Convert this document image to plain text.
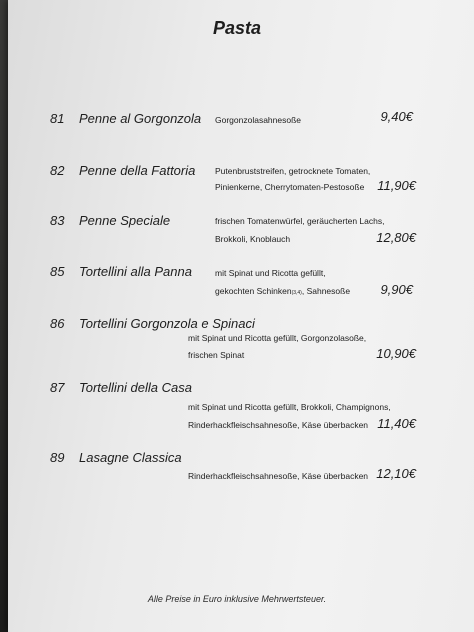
Pasta
81 Penne al Gorgonzola Gorgonzolasahnesoße	9,40€
82 Penne della Fattoria Putenbruststreifen, getrocknete Tomaten,
Pinienkerne, Cherrytomaten-Pestosoße 11,90€
83 Penne Speciale	frischen Tomatenwürfel, geräucherten Lachs,
Brokkoli, Knoblauch	12,80€
85 Tortellini alla Panna	mit Spinat und Ricotta gefüllt,
gekochten Schinken(3,4), Sahnesoße	9,90€
86 Tortellini Gorgonzola e Spinaci
mit Spinat und Ricotta gefüllt, Gorgonzolasoße,
frischen Spinat	10,90€
87 Tortellini della Casa
mit Spinat und Ricotta gefüllt, Brokkoli, Champignons,
Rinderhackfleischsahnesoße, Käse überbacken 11,40€
89 Lasagne Classica
Rinderhackfleischsahnesoße, Käse überbacken 12,10€
Alle Preise in Euro inklusive Mehrwertsteuer.
